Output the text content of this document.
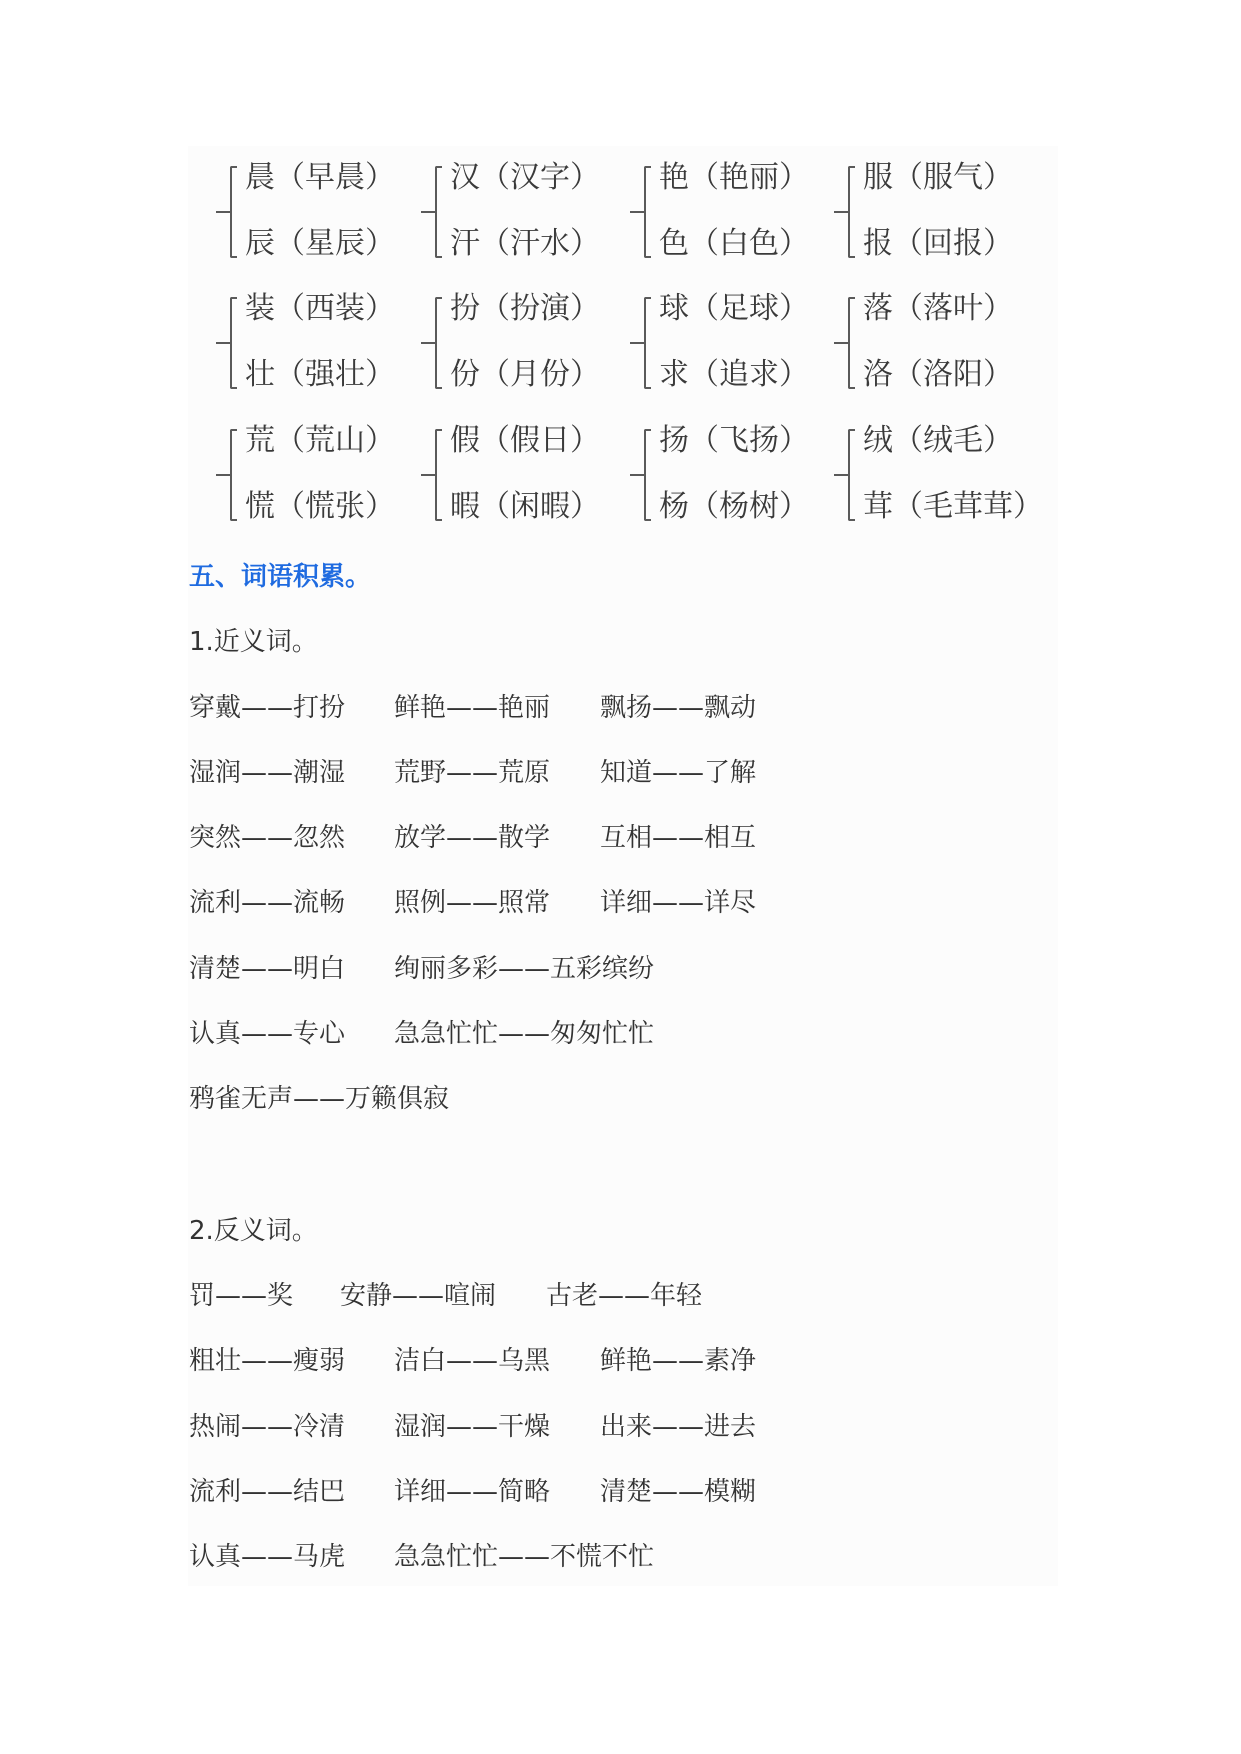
晨（早晨）
辰（星辰）
汉（汉字）
汗（汗水）
艳（艳丽）
色（白色）
服（服气）
报（回报）
装（西装）
壮（强壮）
扮（扮演）
份（月份）
球（足球）
求（追求）
落（落叶）
洛（洛阳）
荒（荒山）
慌（慌张）
假（假日）
暇（闲暇）
扬（飞扬）
杨（杨树）
绒（绒毛）
茸（毛茸茸）
五、词语积累。
1.近义词。
穿戴——打扮 鲜艳——艳丽 飘扬——飘动
湿润——潮湿 荒野——荒原 知道——了解
突然——忽然 放学——散学 互相——相互
流利——流畅 照例——照常 详细——详尽
清楚——明白 绚丽多彩——五彩缤纷
认真——专心 急急忙忙——匆匆忙忙
鸦雀无声——万籁俱寂
2.反义词。
罚——奖 安静——喧闹 古老——年轻
粗壮——瘦弱 洁白——乌黑 鲜艳——素净
热闹——冷清 湿润——干燥 出来——进去
流利——结巴 详细——简略 清楚——模糊
认真——马虎 急急忙忙——不慌不忙
